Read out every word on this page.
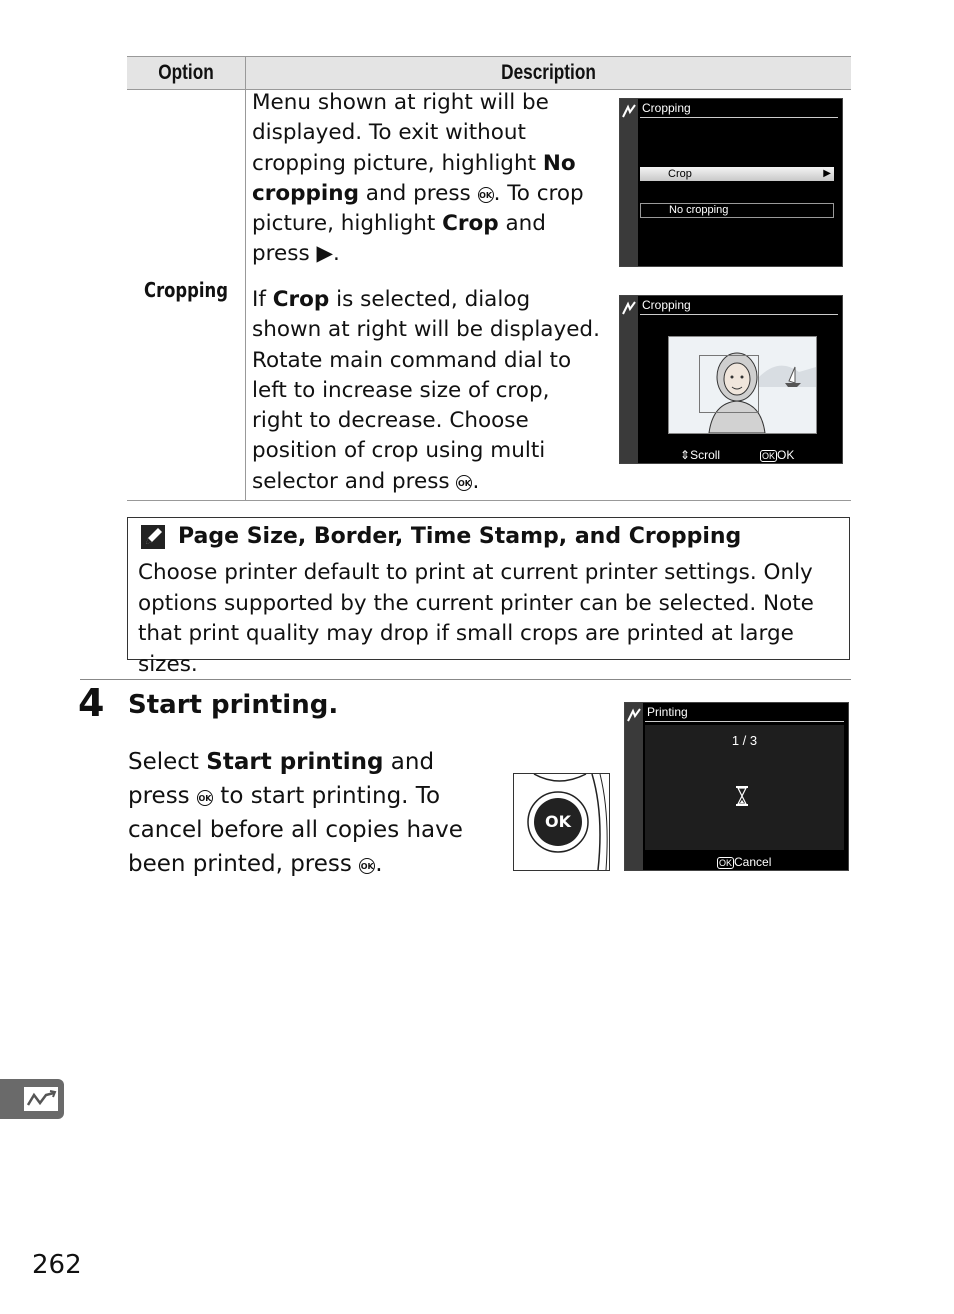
Option	Description
Cropping
Menu shown at right will be displayed. To exit without cropping picture, highlight No cropping and press OK. To crop picture, highlight Crop and press ▶.
If Crop is selected, dialog shown at right will be displayed. Rotate main command dial to left to increase size of crop, right to decrease. Choose position of crop using multi selector and press OK.
Cropping
Crop	▶
No cropping
Cropping
⇕Scroll	OK OK
Page Size, Border, Time Stamp, and Cropping
Choose printer default to print at current printer settings. Only options supported by the current printer can be selected. Note that print quality may drop if small crops are printed at large sizes.
4 Start printing.
Select Start printing and press OK to start printing. To cancel before all copies have been printed, press OK.
OK
Printing
1 / 3
OK Cancel
262
